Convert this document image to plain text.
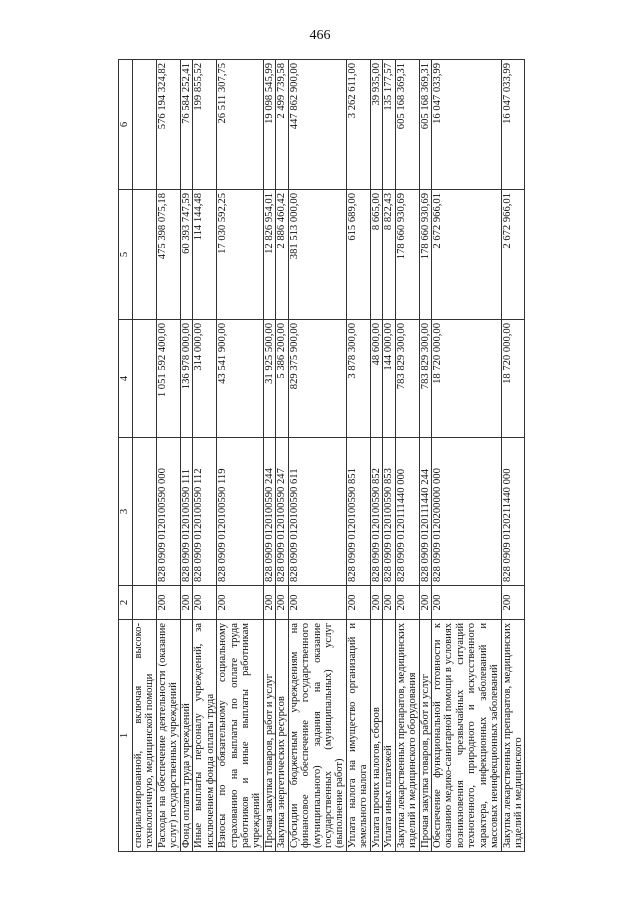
466
1	2	3	4	5	6
специализированной, включая высоко-технологичную, медицинской помощи					
Расходы на обеспечение деятельности (оказание услуг) государственных учреждений	200	828 0909 0120100590 000	1 051 592 400,00	475 398 075,18	576 194 324,82
Фонд оплаты труда учреждений	200	828 0909 0120100590 111	136 978 000,00	60 393 747,59	76 584 252,41
Иные выплаты персоналу учреждений, за исключением фонда оплаты труда	200	828 0909 0120100590 112	314 000,00	114 144,48	199 855,52
Взносы по обязательному социальному страхованию на выплаты по оплате труда работников и иные выплаты работникам учреждений	200	828 0909 0120100590 119	43 541 900,00	17 030 592,25	26 511 307,75
Прочая закупка товаров, работ и услуг	200	828 0909 0120100590 244	31 925 500,00	12 826 954,01	19 098 545,99
Закупка энергетических ресурсов	200	828 0909 0120100590 247	5 386 200,00	2 886 460,42	2 499 739,58
Субсидии бюджетным учреждениям на финансовое обеспечение государственного (муниципального) задания на оказание государственных (муниципальных) услуг (выполнение работ)	200	828 0909 0120100590 611	829 375 900,00	381 513 000,00	447 862 900,00
Уплата налога на имущество организаций и земельного налога	200	828 0909 0120100590 851	3 878 300,00	615 689,00	3 262 611,00
Уплата прочих налогов, сборов	200	828 0909 0120100590 852	48 600,00	8 665,00	39 935,00
Уплата иных платежей	200	828 0909 0120100590 853	144 000,00	8 822,43	135 177,57
Закупка лекарственных препаратов, медицинских изделий и медицинского оборудования	200	828 0909 0120111440 000	783 829 300,00	178 660 930,69	605 168 369,31
Прочая закупка товаров, работ и услуг	200	828 0909 0120111440 244	783 829 300,00	178 660 930,69	605 168 369,31
Обеспечение функциональной готовности к оказанию медико-санитарной помощи в условиях возникновения чрезвычайных ситуаций техногенного, природного и искусственного характера, инфекционных заболеваний и массовых неинфекционных заболеваний	200	828 0909 0120200000 000	18 720 000,00	2 672 966,01	16 047 033,99
Закупка лекарственных препаратов, медицинских изделий и медицинского	200	828 0909 0120211440 000	18 720 000,00	2 672 966,01	16 047 033,99
